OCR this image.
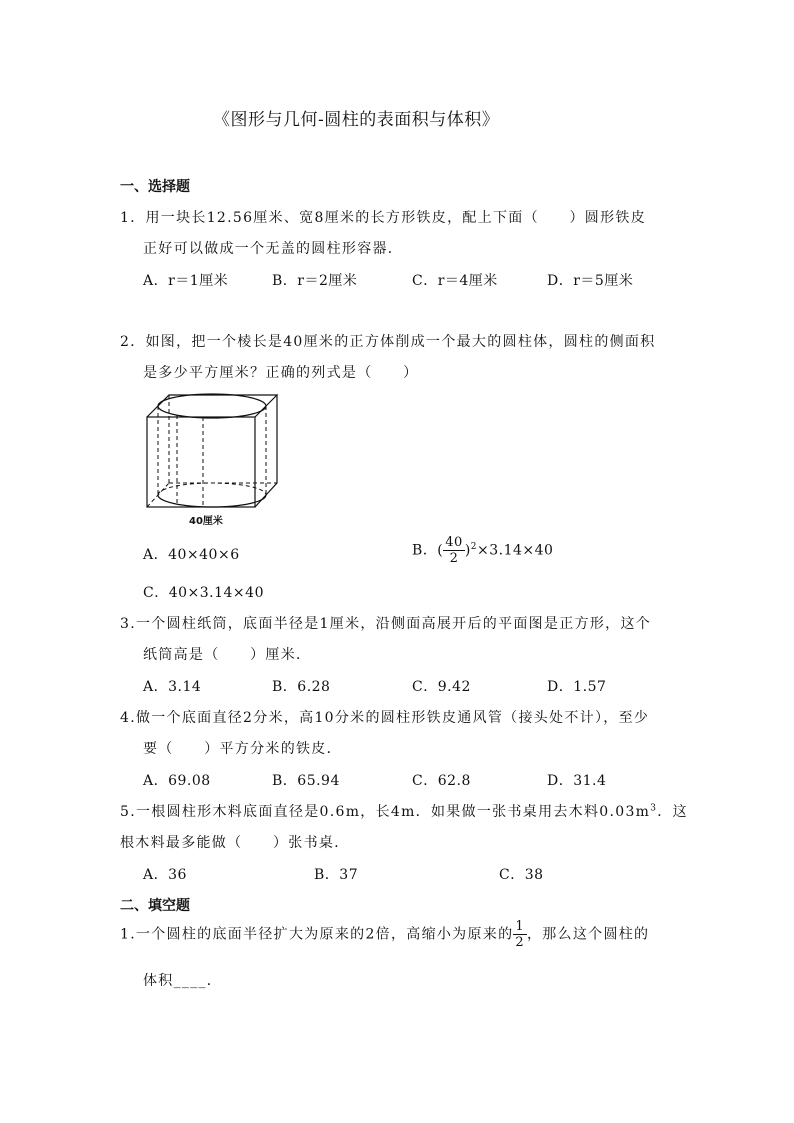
《图形与几何-圆柱的表面积与体积》
一、选择题
1．用一块长12.56厘米、宽8厘米的长方形铁皮，配上下面（　　）圆形铁皮
正好可以做成一个无盖的圆柱形容器．
A．r＝1厘米	B．r＝2厘米	C．r＝4厘米	D．r＝5厘米
2．如图，把一个棱长是40厘米的正方体削成一个最大的圆柱体，圆柱的侧面积
是多少平方厘米？正确的列式是（　　）
40厘米
A．40×40×6	B．( $\frac{40}{2} )^2\times 3.14\times 40$
C．40×3.14×40
3.一个圆柱纸筒，底面半径是1厘米，沿侧面高展开后的平面图是正方形，这个
纸筒高是（　　）厘米．
A．3.14	B．6.28	C．9.42	D．1.57
4.做一个底面直径2分米，高10分米的圆柱形铁皮通风管（接头处不计），至少
要（　　）平方分米的铁皮．
A．69.08	B．65.94	C．62.8	D．31.4
5.一根圆柱形木料底面直径是0.6m，长4m．如果做一张书桌用去木料$0.03m^3$．这
根木料最多能做（　　）张书桌．
A．36	B．37	C．38
二、填空题
1.一个圆柱的底面半径扩大为原来的2倍，高缩小为原来的 $\frac{1}{2}$ ，那么这个圆柱的
体积____．
